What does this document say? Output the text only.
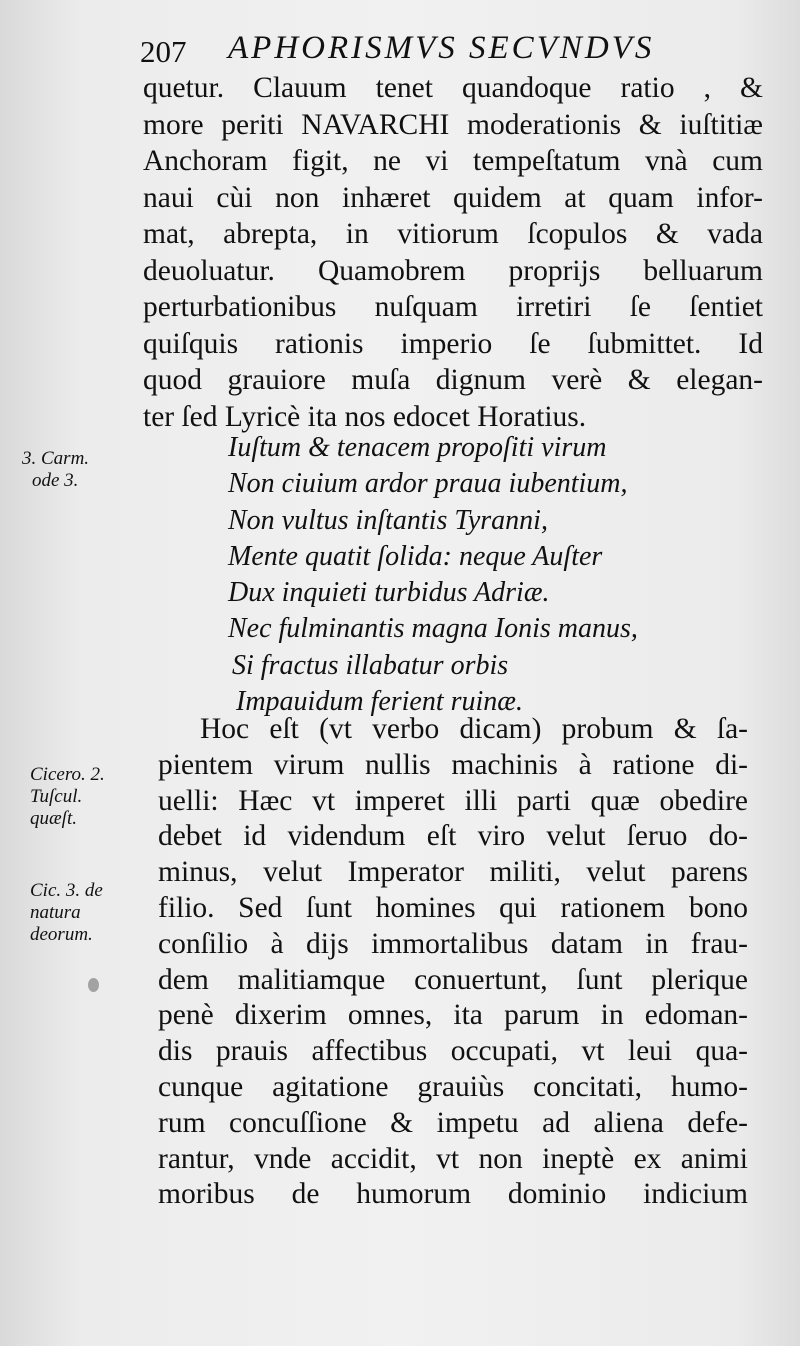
207 APHORISMVS SECVNDVS
quetur. Clauum tenet quandoque ratio , &
more periti NAVARCHI moderationis & iuſtitiæ
Anchoram figit, ne vi tempeſtatum vnà cum
naui cùi non inhæret quidem at quam infor-
mat, abrepta, in vitiorum ſcopulos & vada
deuoluatur. Quamobrem proprijs belluarum
perturbationibus nuſquam irretiri ſe ſentiet
quiſquis rationis imperio ſe ſubmittet. Id
quod grauiore muſa dignum verè & elegan-
ter ſed Lyricè ita nos edocet Horatius.
3. Carm.
ode 3.
Iuſtum & tenacem propoſiti virum
Non ciuium ardor praua iubentium,
Non vultus inſtantis Tyranni,
Mente quatit ſolida: neque Auſter
Dux inquieti turbidus Adriæ.
Nec fulminantis magna Ionis manus,
Si fractus illabatur orbis
Impauidum ferient ruinæ.
Hoc eſt (vt verbo dicam) probum & ſa-
pientem virum nullis machinis à ratione di-
uelli: Hæc vt imperet illi parti quæ obedire
debet id videndum eſt viro velut ſeruo do-
minus, velut Imperator militi, velut parens
filio. Sed ſunt homines qui rationem bono
conſilio à dijs immortalibus datam in frau-
dem malitiamque conuertunt, ſunt plerique
penè dixerim omnes, ita parum in edoman-
dis prauis affectibus occupati, vt leui qua-
cunque agitatione grauiùs concitati, humo-
rum concuſſione & impetu ad aliena defe-
rantur, vnde accidit, vt non ineptè ex animi
moribus de humorum dominio indicium
Cicero. 2.
Tuſcul.
quæſt.
Cic. 3. de
natura
deorum.
